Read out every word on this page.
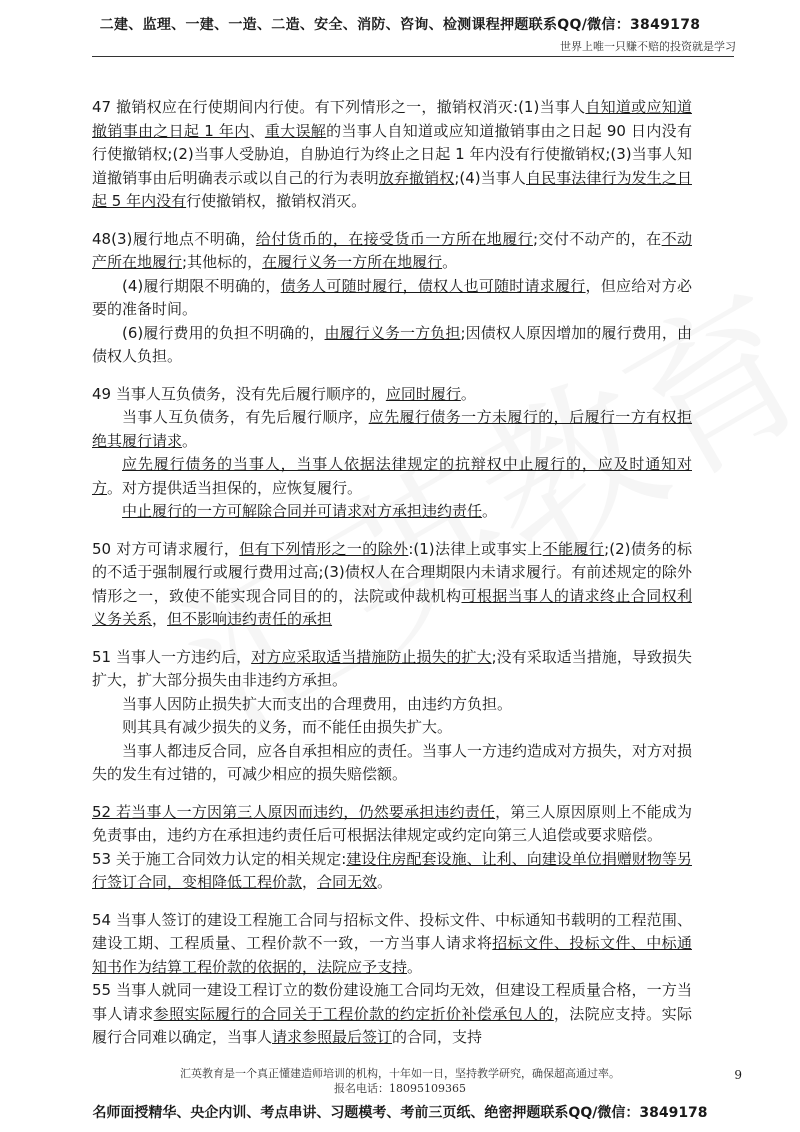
二建、监理、一建、一造、二造、安全、消防、咨询、检测课程押题联系QQ/微信：3849178
世界上唯一只赚不赔的投资就是学习

47 撤销权应在行使期间内行使。有下列情形之一，撤销权消灭:(1)当事人自知道或应知道撤销事由之日起 1 年内、重大误解的当事人自知道或应知道撤销事由之日起 90 日内没有行使撤销权;(2)当事人受胁迫，自胁迫行为终止之日起 1 年内没有行使撤销权;(3)当事人知道撤销事由后明确表示或以自己的行为表明放弃撤销权;(4)当事人自民事法律行为发生之日起 5 年内没有行使撤销权，撤销权消灭。

48(3)履行地点不明确，给付货币的，在接受货币一方所在地履行;交付不动产的，在不动产所在地履行;其他标的，在履行义务一方所在地履行。

(4)履行期限不明确的，债务人可随时履行，债权人也可随时请求履行，但应给对方必要的准备时间。

(6)履行费用的负担不明确的，由履行义务一方负担;因债权人原因增加的履行费用，由债权人负担。

49 当事人互负债务，没有先后履行顺序的，应同时履行。

当事人互负债务，有先后履行顺序，应先履行债务一方未履行的，后履行一方有权拒绝其履行请求。

应先履行债务的当事人，当事人依据法律规定的抗辩权中止履行的，应及时通知对方。对方提供适当担保的，应恢复履行。

中止履行的一方可解除合同并可请求对方承担违约责任。

50 对方可请求履行，但有下列情形之一的除外:(1)法律上或事实上不能履行;(2)债务的标的不适于强制履行或履行费用过高;(3)债权人在合理期限内未请求履行。有前述规定的除外情形之一，致使不能实现合同目的的，法院或仲裁机构可根据当事人的请求终止合同权利义务关系，但不影响违约责任的承担

51 当事人一方违约后，对方应采取适当措施防止损失的扩大;没有采取适当措施，导致损失扩大，扩大部分损失由非违约方承担。

当事人因防止损失扩大而支出的合理费用，由违约方负担。

则其具有减少损失的义务，而不能任由损失扩大。

当事人都违反合同，应各自承担相应的责任。当事人一方违约造成对方损失，对方对损失的发生有过错的，可减少相应的损失赔偿额。

52 若当事人一方因第三人原因而违约，仍然要承担违约责任，第三人原因原则上不能成为免责事由，违约方在承担违约责任后可根据法律规定或约定向第三人追偿或要求赔偿。

53 关于施工合同效力认定的相关规定:建设住房配套设施、让利、向建设单位捐赠财物等另行签订合同，变相降低工程价款，合同无效。

54 当事人签订的建设工程施工合同与招标文件、投标文件、中标通知书载明的工程范围、建设工期、工程质量、工程价款不一致，一方当事人请求将招标文件、投标文件、中标通知书作为结算工程价款的依据的，法院应予支持。

55 当事人就同一建设工程订立的数份建设施工合同均无效，但建设工程质量合格，一方当事人请求参照实际履行的合同关于工程价款的约定折价补偿承包人的，法院应支持。实际履行合同难以确定，当事人请求参照最后签订的合同，支持

汇英教育是一个真正懂建造师培训的机构，十年如一日，坚持教学研究，确保超高通过率。
报名电话：18095109365
9
名师面授精华、央企内训、考点串讲、习题模考、考前三页纸、绝密押题联系QQ/微信：3849178
